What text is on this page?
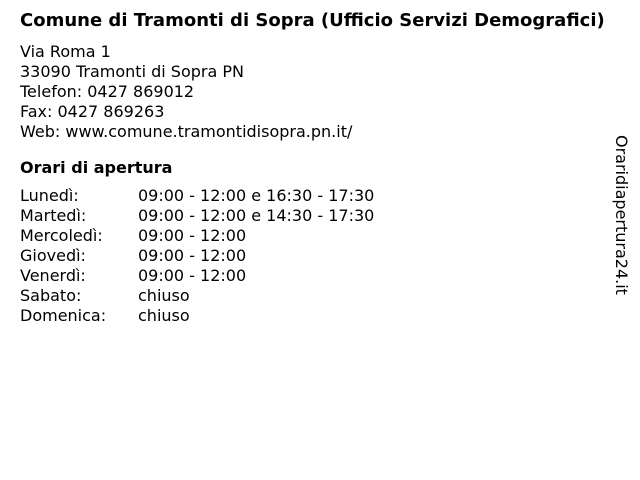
Comune di Tramonti di Sopra (Ufficio Servizi Demografici)
Via Roma 1
33090 Tramonti di Sopra PN
Telefon: 0427 869012
Fax: 0427 869263
Web: www.comune.tramontidisopra.pn.it/
Orari di apertura
Lunedì:	09:00 - 12:00 e 16:30 - 17:30
Martedì:	09:00 - 12:00 e 14:30 - 17:30
Mercoledì:	09:00 - 12:00
Giovedì:	09:00 - 12:00
Venerdì:	09:00 - 12:00
Sabato:	chiuso
Domenica:	chiuso
Oraridiapertura24.it
